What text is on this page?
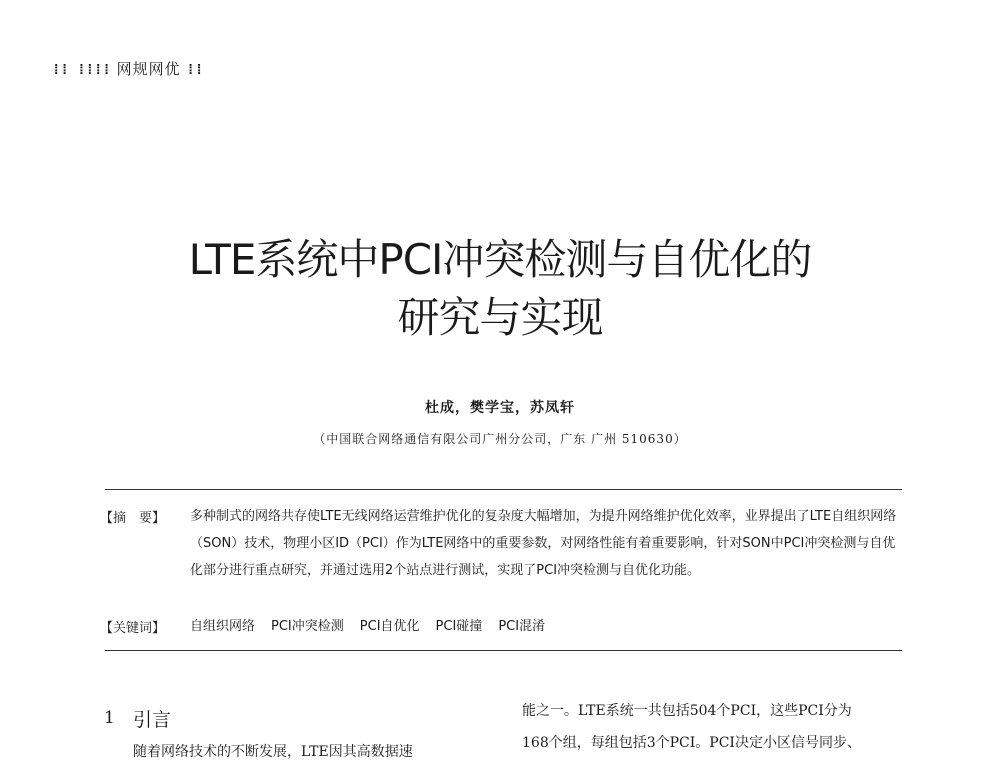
⁞⁞ ⁞⁞⁞⁞ 网规网优 ⁞⁞
LTE系统中PCI冲突检测与自优化的
研究与实现
杜成，樊学宝，苏凤轩
（中国联合网络通信有限公司广州分公司，广东 广州 510630）
【摘　要】 多种制式的网络共存使LTE无线网络运营维护优化的复杂度大幅增加，为提升网络维护优化效率，业界提出了LTE自组织网络（SON）技术，物理小区ID（PCI）作为LTE网络中的重要参数，对网络性能有着重要影响，针对SON中PCI冲突检测与自优化部分进行重点研究，并通过选用2个站点进行测试，实现了PCI冲突检测与自优化功能。
【关键词】 自组织网络 PCI冲突检测 PCI自优化 PCI碰撞 PCI混淆
1 引言
随着网络技术的不断发展，LTE因其高数据速
能之一。LTE系统一共包括504个PCI，这些PCI分为
168个组，每组包括3个PCI。PCI决定小区信号同步、
